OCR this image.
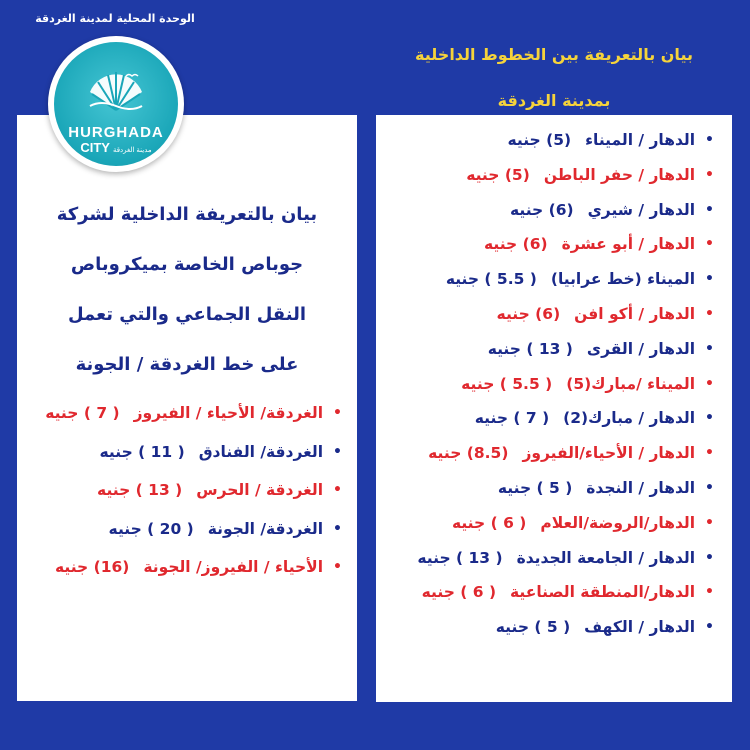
الوحدة المحلية لمدينة الغردقة
HURGHADA
CITY مدينة الغردقة
بيان بالتعريفة بين الخطوط الداخلية
بمدينة الغردقة
بيان بالتعريفة الداخلية لشركة
جوباص الخاصة بميكروباص
النقل الجماعي والتي تعمل
على خط الغردقة / الجونة
•
الدهار / الميناء
(5) جنيه
•
الدهار / حفر الباطن
(5) جنيه
•
الدهار / شيري
(6) جنيه
•
الدهار / أبو عشرة
(6) جنيه
•
الميناء (خط عرابيا)
( 5.5 ) جنيه
•
الدهار / أكو افن
(6) جنيه
•
الدهار / القرى
( 13 ) جنيه
•
الميناء /مبارك(5)
( 5.5 ) جنيه
•
الدهار / مبارك(2)
( 7 ) جنيه
•
الدهار / الأحياء/الفيروز
(8.5) جنيه
•
الدهار / النجدة
( 5 ) جنيه
•
الدهار/الروضة/العلام
( 6 ) جنيه
•
الدهار / الجامعة الجديدة
( 13 ) جنيه
•
الدهار/المنطقة الصناعية
( 6 ) جنيه
•
الدهار / الكهف
( 5 ) جنيه
•
الغردقة/ الأحياء / الفيروز
( 7 ) جنيه
•
الغردقة/ الفنادق
( 11 ) جنيه
•
الغردقة / الحرس
( 13 ) جنيه
•
الغردقة/ الجونة
( 20 ) جنيه
•
الأحياء / الفيروز/ الجونة
(16) جنيه
